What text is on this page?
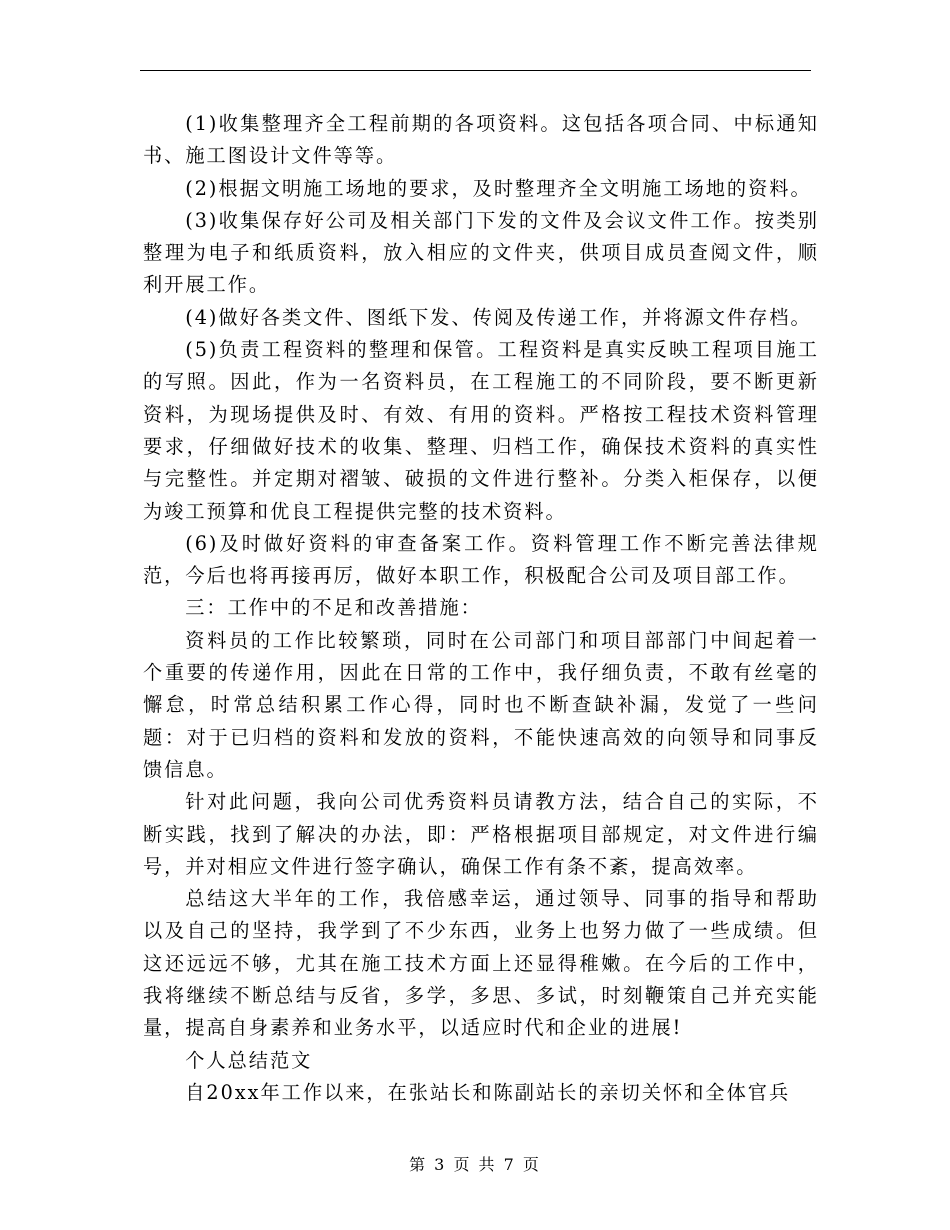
(1)收集整理齐全工程前期的各项资料。这包括各项合同、中标通知书、施工图设计文件等等。

(2)根据文明施工场地的要求，及时整理齐全文明施工场地的资料。

(3)收集保存好公司及相关部门下发的文件及会议文件工作。按类别整理为电子和纸质资料，放入相应的文件夹，供项目成员查阅文件，顺利开展工作。

(4)做好各类文件、图纸下发、传阅及传递工作，并将源文件存档。

(5)负责工程资料的整理和保管。工程资料是真实反映工程项目施工的写照。因此，作为一名资料员，在工程施工的不同阶段，要不断更新资料，为现场提供及时、有效、有用的资料。严格按工程技术资料管理要求，仔细做好技术的收集、整理、归档工作，确保技术资料的真实性与完整性。并定期对褶皱、破损的文件进行整补。分类入柜保存，以便为竣工预算和优良工程提供完整的技术资料。

(6)及时做好资料的审查备案工作。资料管理工作不断完善法律规范，今后也将再接再厉，做好本职工作，积极配合公司及项目部工作。

三：工作中的不足和改善措施：

资料员的工作比较繁琐，同时在公司部门和项目部部门中间起着一个重要的传递作用，因此在日常的工作中，我仔细负责，不敢有丝毫的懈怠，时常总结积累工作心得，同时也不断查缺补漏，发觉了一些问题：对于已归档的资料和发放的资料，不能快速高效的向领导和同事反馈信息。

针对此问题，我向公司优秀资料员请教方法，结合自己的实际，不断实践，找到了解决的办法，即：严格根据项目部规定，对文件进行编号，并对相应文件进行签字确认，确保工作有条不紊，提高效率。

总结这大半年的工作，我倍感幸运，通过领导、同事的指导和帮助以及自己的坚持，我学到了不少东西，业务上也努力做了一些成绩。但这还远远不够，尤其在施工技术方面上还显得稚嫩。在今后的工作中，我将继续不断总结与反省，多学，多思、多试，时刻鞭策自己并充实能量，提高自身素养和业务水平，以适应时代和企业的进展!

个人总结范文

自20xx年工作以来，在张站长和陈副站长的亲切关怀和全体官兵

第 3 页 共 7 页
